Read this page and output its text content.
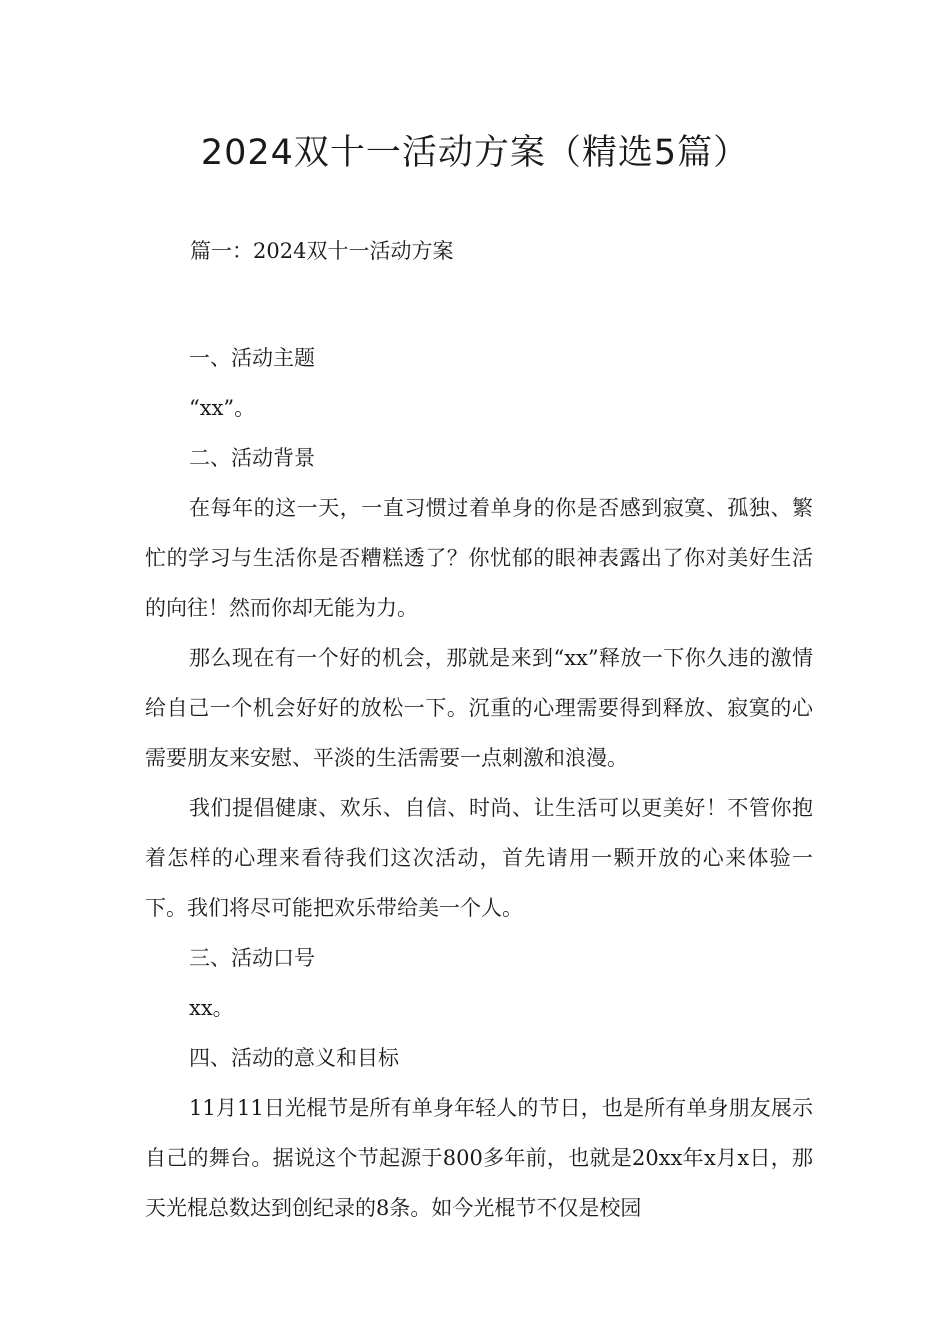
2024双十一活动方案（精选5篇）

篇一：2024双十一活动方案

一、活动主题

“xx”。

二、活动背景

在每年的这一天，一直习惯过着单身的你是否感到寂寞、孤独、繁忙的学习与生活你是否糟糕透了？你忧郁的眼神表露出了你对美好生活的向往！然而你却无能为力。

那么现在有一个好的机会，那就是来到“xx”释放一下你久违的激情给自己一个机会好好的放松一下。沉重的心理需要得到释放、寂寞的心需要朋友来安慰、平淡的生活需要一点刺激和浪漫。

我们提倡健康、欢乐、自信、时尚、让生活可以更美好！不管你抱着怎样的心理来看待我们这次活动，首先请用一颗开放的心来体验一下。我们将尽可能把欢乐带给美一个人。

三、活动口号

xx。

四、活动的意义和目标

11月11日光棍节是所有单身年轻人的节日，也是所有单身朋友展示自己的舞台。据说这个节起源于800多年前，也就是20xx年x月x日，那天光棍总数达到创纪录的8条。如今光棍节不仅是校园
